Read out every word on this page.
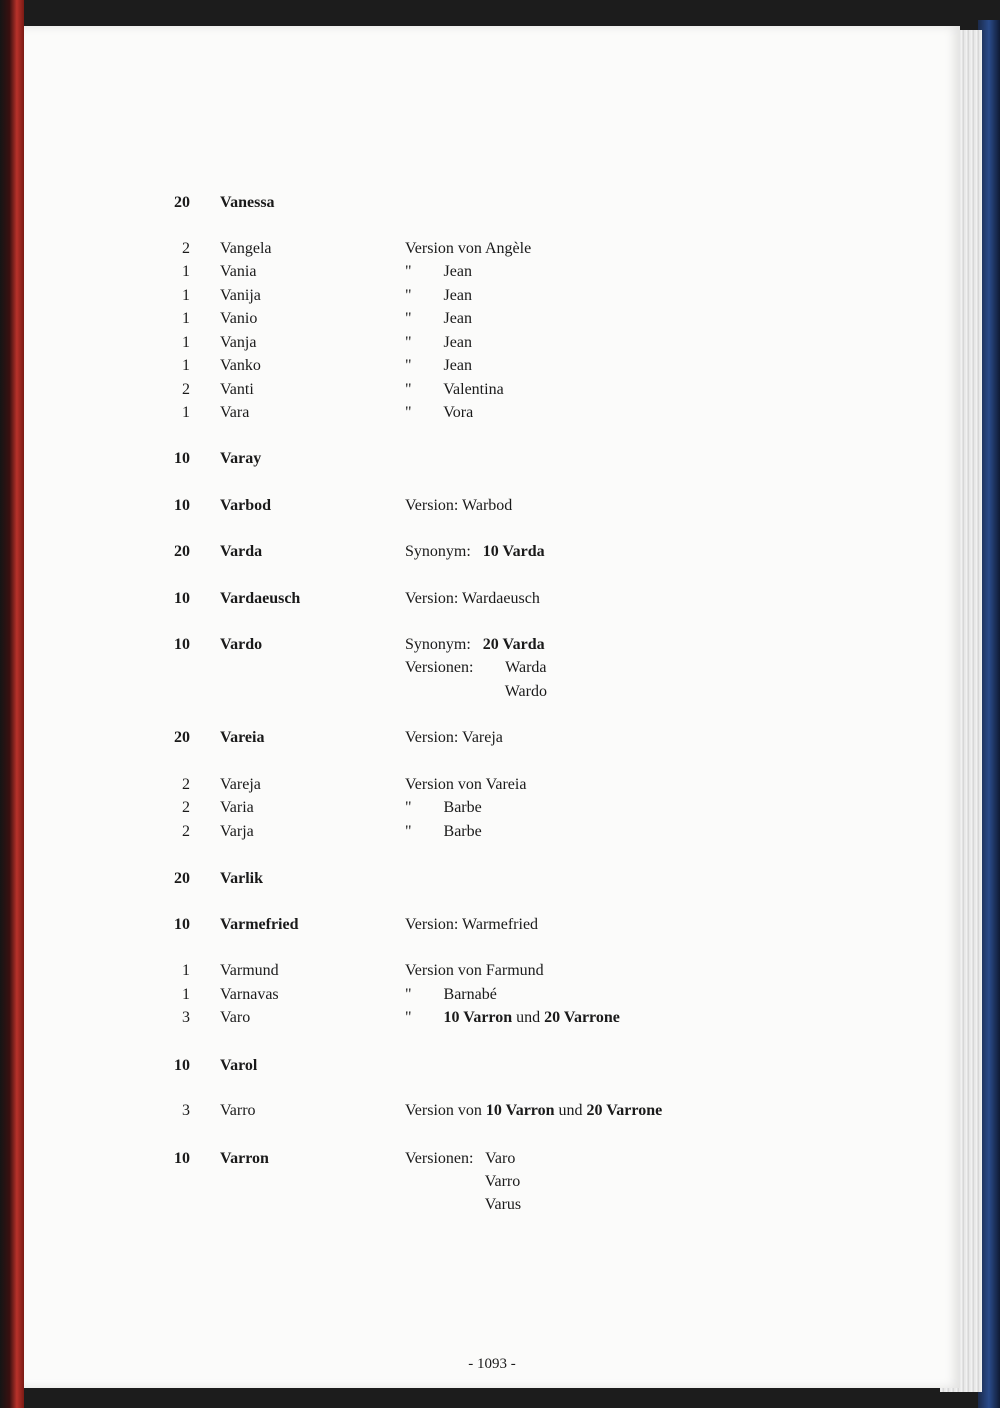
20 Vanessa
2 Vangela	Version von Angèle
1 Vania	"        Jean
1 Vanija	"        Jean
1 Vanio	"        Jean
1 Vanja	"        Jean
1 Vanko	"        Jean
2 Vanti	"        Valentina
1 Vara	"        Vora
10 Varay
10 Varbod	Version: Warbod
20 Varda	Synonym: 10 Varda
10 Vardaeusch	Version: Wardaeusch
10 Vardo	Synonym: 20 Varda
Versionen:        Warda
Wardo
20 Vareia	Version: Vareja
2 Vareja	Version von Vareia
2 Varia	"        Barbe
2 Varja	"        Barbe
20 Varlik
10 Varmefried	Version: Warmefried
1 Varmund	Version von Farmund
1 Varnavas	"        Barnabé
3 Varo	"        10 Varron und 20 Varrone
10 Varol
3 Varro	Version von 10 Varron und 20 Varrone
10 Varron	Versionen:   Varo
Varro
Varus
- 1093 -
